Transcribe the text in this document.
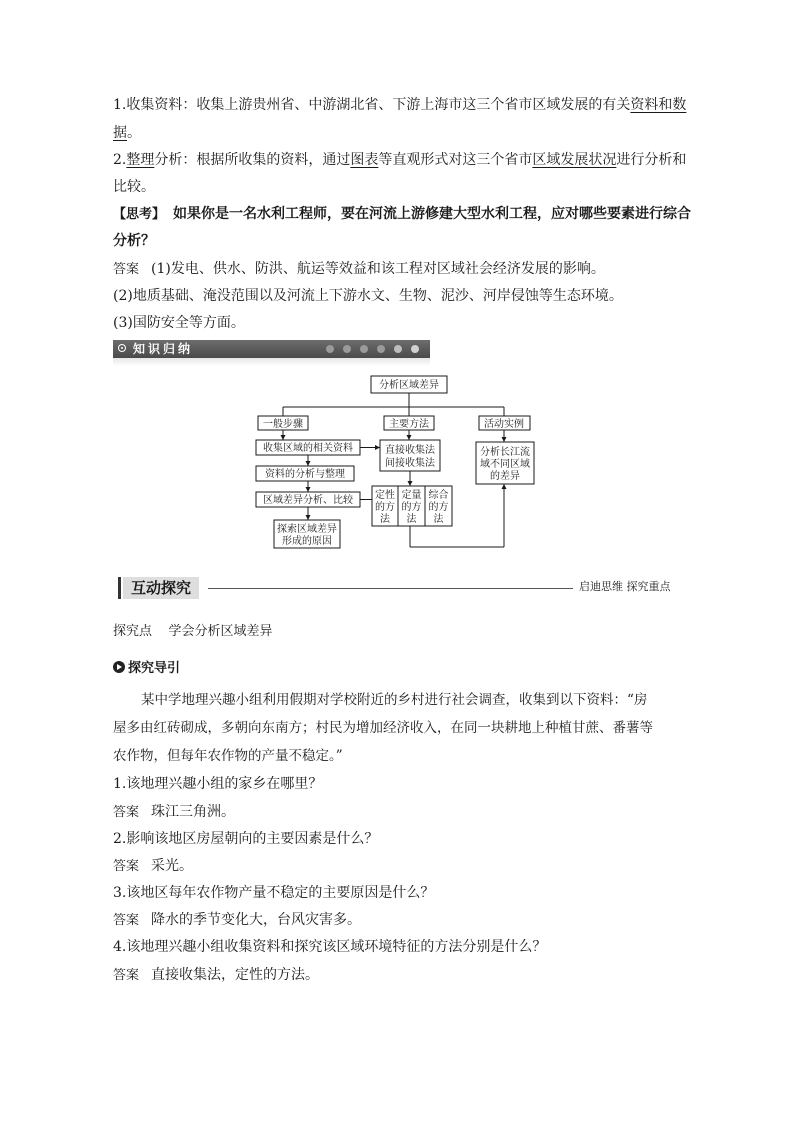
1.收集资料：收集上游贵州省、中游湖北省、下游上海市这三个省市区域发展的有关资料和数
据。
2.整理分析：根据所收集的资料，通过图表等直观形式对这三个省市区域发展状况进行分析和
比较。
【思考】 如果你是一名水利工程师，要在河流上游修建大型水利工程，应对哪些要素进行综合
分析？
答案 (1)发电、供水、防洪、航运等效益和该工程对区域社会经济发展的影响。
(2)地质基础、淹没范围以及河流上下游水文、生物、泥沙、河岸侵蚀等生态环境。
(3)国防安全等方面。
知识归纳
分析区域差异
一般步骤	主要方法	活动实例
收集区域的相关资料
资料的分析与整理
区域差异分析、比较
探索区域差异
形成的原因
直接收集法
间接收集法
定性
的方
法
定量
的方
法
综合
的方
法
分析长江流
域不同区域
的差异
互动探究	启迪思维 探究重点
探究点    学会分析区域差异
探究导引
某中学地理兴趣小组利用假期对学校附近的乡村进行社会调查，收集到以下资料：“房
屋多由红砖砌成，多朝向东南方；村民为增加经济收入，在同一块耕地上种植甘蔗、番薯等
农作物，但每年农作物的产量不稳定。”
1.该地理兴趣小组的家乡在哪里？
答案 珠江三角洲。
2.影响该地区房屋朝向的主要因素是什么？
答案 采光。
3.该地区每年农作物产量不稳定的主要原因是什么？
答案 降水的季节变化大，台风灾害多。
4.该地理兴趣小组收集资料和探究该区域环境特征的方法分别是什么？
答案 直接收集法，定性的方法。
